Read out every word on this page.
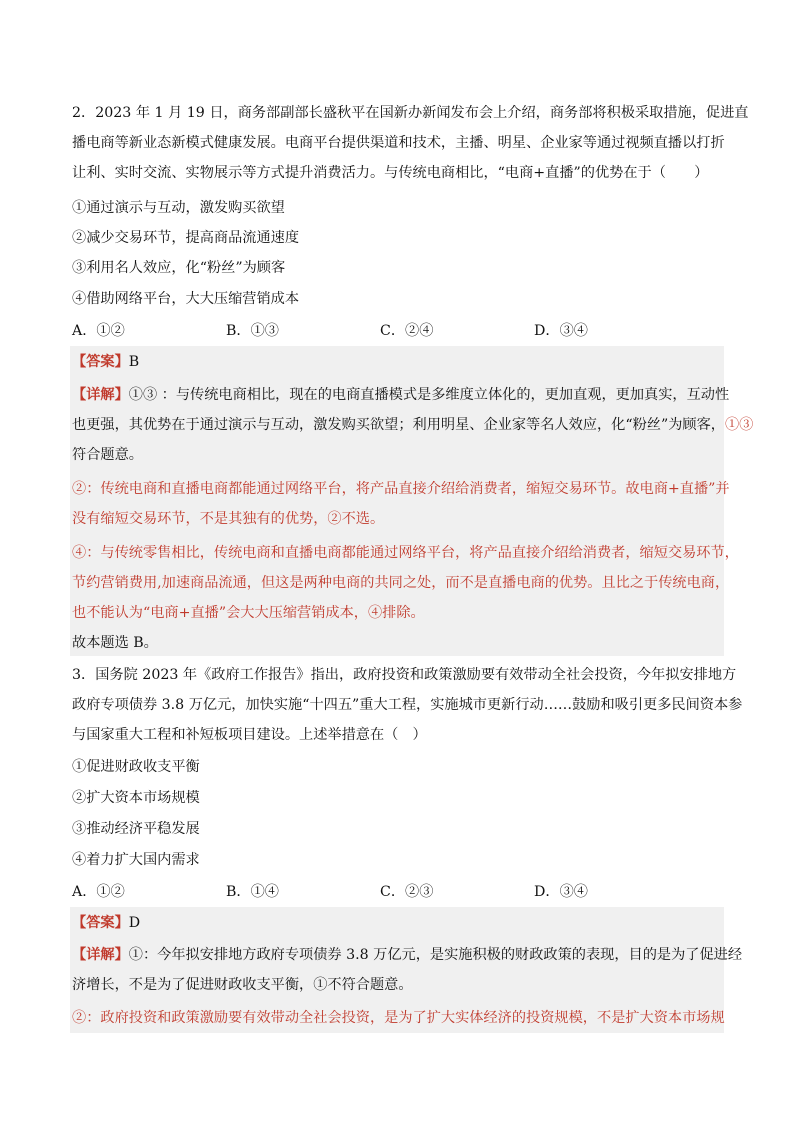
2．2023 年 1 月 19 日，商务部副部长盛秋平在国新办新闻发布会上介绍，商务部将积极采取措施，促进直
播电商等新业态新模式健康发展。电商平台提供渠道和技术，主播、明星、企业家等通过视频直播以打折
让利、实时交流、实物展示等方式提升消费活力。与传统电商相比，“电商+直播”的优势在于（　　）
①通过演示与互动，激发购买欲望
②减少交易环节，提高商品流通速度
③利用名人效应，化“粉丝”为顾客
④借助网络平台，大大压缩营销成本
A．①②	B．①③	C．②④	D．③④
【答案】B
【详解】①③ ：与传统电商相比，现在的电商直播模式是多维度立体化的，更加直观，更加真实，互动性
也更强，其优势在于通过演示与互动，激发购买欲望；利用明星、企业家等名人效应，化“粉丝”为顾客，①③
符合题意。
②：传统电商和直播电商都能通过网络平台，将产品直接介绍给消费者，缩短交易环节。故电商+直播”并
没有缩短交易环节，不是其独有的优势，②不选。
④：与传统零售相比，传统电商和直播电商都能通过网络平台，将产品直接介绍给消费者，缩短交易环节，
节约营销费用,加速商品流通，但这是两种电商的共同之处，而不是直播电商的优势。且比之于传统电商，
也不能认为“电商+直播”会大大压缩营销成本，④排除。
故本题选 B。
3．国务院 2023 年《政府工作报告》指出，政府投资和政策激励要有效带动全社会投资，今年拟安排地方
政府专项债券 3.8 万亿元，加快实施“十四五”重大工程，实施城市更新行动……鼓励和吸引更多民间资本参
与国家重大工程和补短板项目建设。上述举措意在（　）
①促进财政收支平衡
②扩大资本市场规模
③推动经济平稳发展
④着力扩大国内需求
A．①②	B．①④	C．②③	D．③④
【答案】D
【详解】①：今年拟安排地方政府专项债券 3.8 万亿元，是实施积极的财政政策的表现，目的是为了促进经
济增长，不是为了促进财政收支平衡，①不符合题意。
②：政府投资和政策激励要有效带动全社会投资，是为了扩大实体经济的投资规模，不是扩大资本市场规
